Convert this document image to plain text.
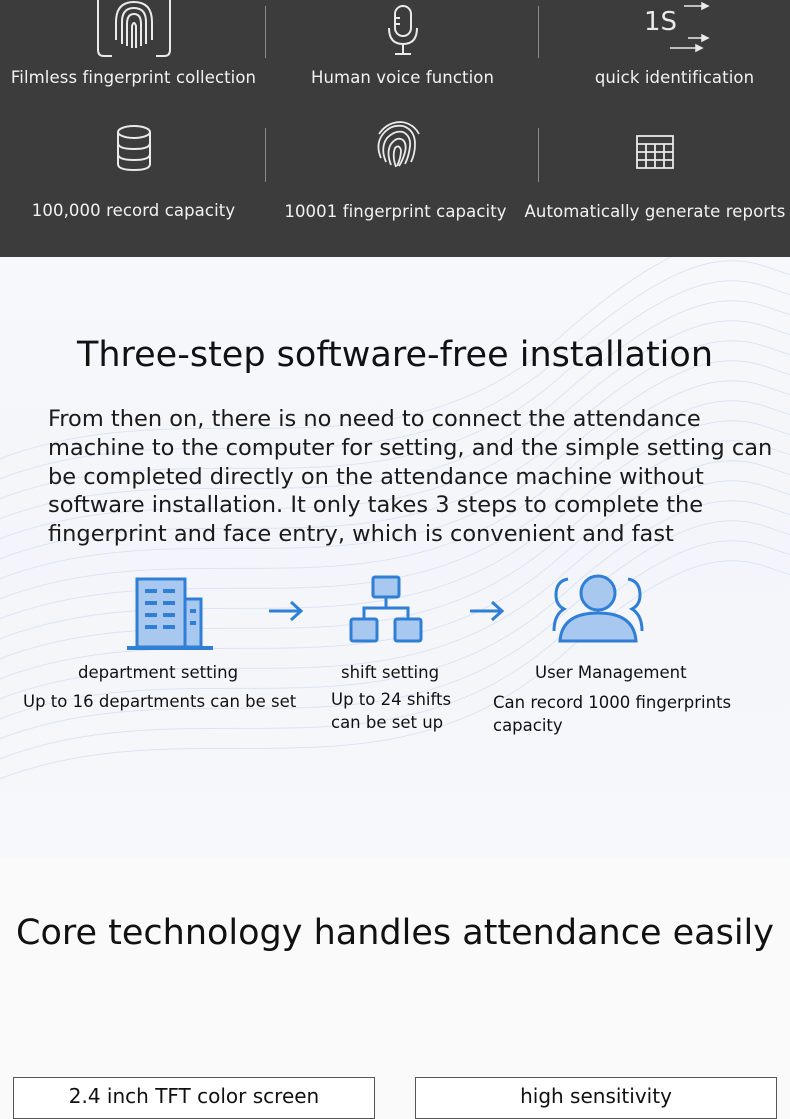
Filmless fingerprint collection	Human voice function
1S
quick identification
100,000 record capacity	10001 fingerprint capacity	Automatically generate reports
Three-step software-free installation
From then on, there is no need to connect the attendance machine to the computer for setting, and the simple setting can be completed directly on the attendance machine without software installation. It only takes 3 steps to complete the fingerprint and face entry, which is convenient and fast
department setting
Up to 16 departments can be set
shift setting
Up to 24 shifts can be set up
User Management
Can record 1000 fingerprints capacity
Core technology handles attendance easily
2.4 inch TFT color screen	high sensitivity
